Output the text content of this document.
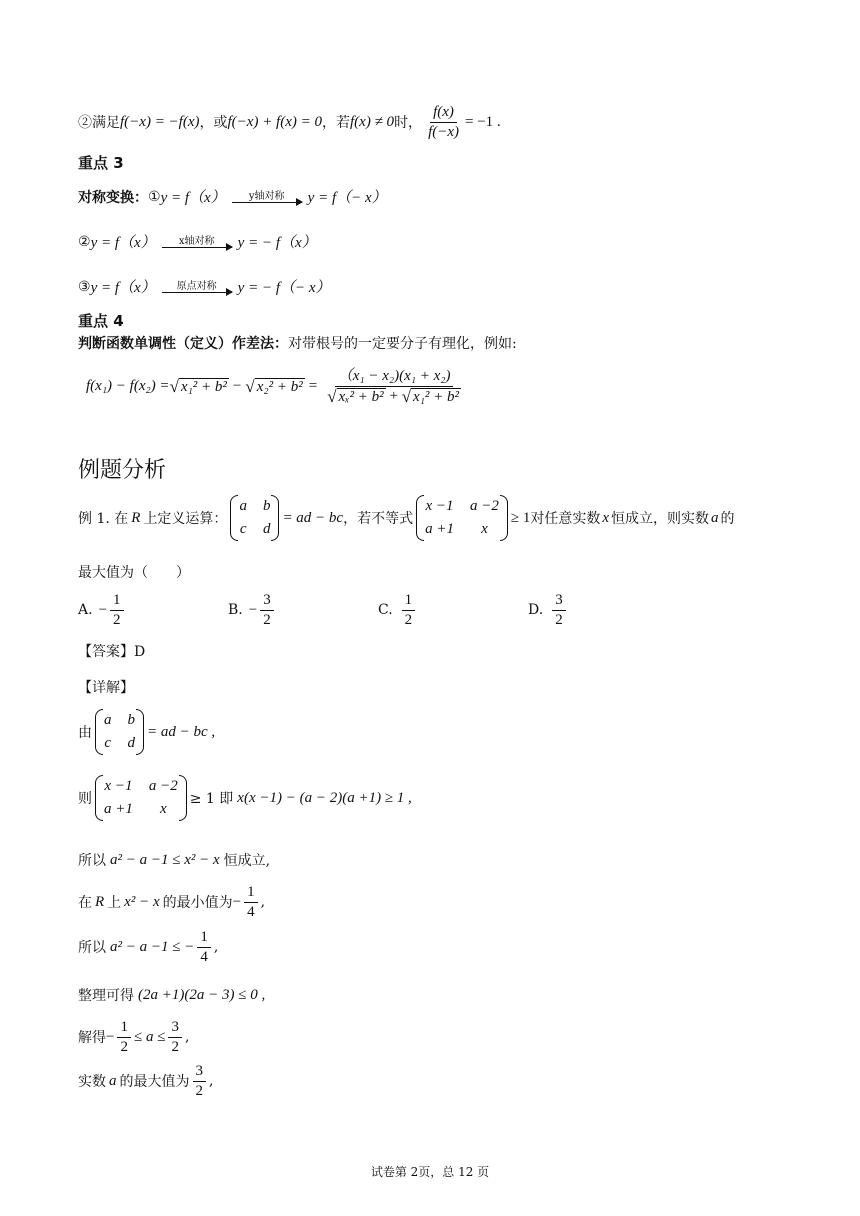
②满足 f(−x) = −f(x) ，或 f(−x) + f(x) = 0 ，若 f(x) ≠ 0 时， $\frac{f(x)}{f(-x)} = -1$ .
重点 3
对称变换： ① y = f（x） y轴对称 y = f（− x）
② y = f（x） x轴对称 y = − f（x）
③ y = f（x） 原点对称 y = − f（− x）
重点 4
判断函数单调性（定义）作差法： 对带根号的一定要分子有理化，例如:
f(x₁) − f(x₂) = √ x₁² + b² − √ x₂² + b² =
（x₁ − x₂)(x₁ + x₂)
√ xₓ² + b² + √ x₁² + b²
例题分析
例 1. 在 R 上定义运算：
a b
c d
= ad − bc ，若不等式
x −1 a −2
a +1	x
≥ 1 对任意实数 x 恒成立，则实数 a 的
最大值为（　　）
A. − $\frac{1}{2}$	B. − $\frac{3}{2}$	C. $\frac{1}{2}$	D. $\frac{3}{2}$
【答案】D
【详解】
由
a b
c d
= ad − bc ,
则
x −1 a −2
a +1	x
≥ 1 即 x(x −1) − (a − 2)(a +1) ≥ 1 ,
所以 a² − a −1 ≤ x² − x 恒成立,
在 R 上 x² − x 的最小值为 − $\frac{1}{4}$ ,
所以 a² − a −1 ≤ − $\frac{1}{4}$ ,
整理可得 (2a +1)(2a − 3) ≤ 0 ,
解得 − $\frac{1}{2} \le a \le \frac{3}{2}$ ,
实数 a 的最大值为 $\frac{3}{2}$ ,
试卷第 2页，总 12 页
